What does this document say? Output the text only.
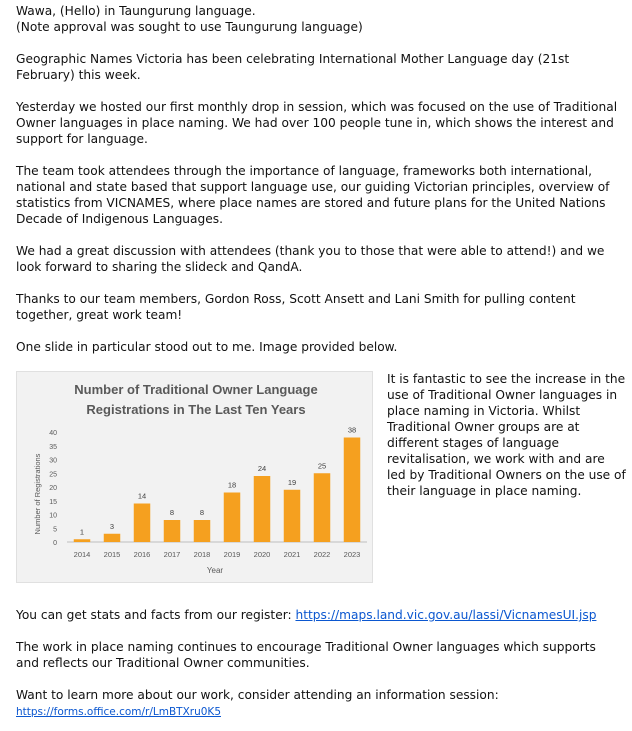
Wawa, (Hello) in Taungurung language.

(Note approval was sought to use Taungurung language)

Geographic Names Victoria has been celebrating International Mother Language day (21st February) this week.

Yesterday we hosted our first monthly drop in session, which was focused on the use of Traditional Owner languages in place naming. We had over 100 people tune in, which shows the interest and support for language.

The team took attendees through the importance of language, frameworks both international, national and state based that support language use, our guiding Victorian principles, overview of statistics from VICNAMES, where place names are stored and future plans for the United Nations Decade of Indigenous Languages.

We had a great discussion with attendees (thank you to those that were able to attend!) and we look forward to sharing the slideck and QandA.

Thanks to our team members, Gordon Ross, Scott Ansett and Lani Smith for pulling content together, great work team!

One slide in particular stood out to me. Image provided below.

Number of Traditional Owner Language
Registrations in The Last Ten Years
Number of Registrations
Year
0
5
10
15
20
25
30
35
40
1
2014
3
2015
14
2016
8
2017
8
2018
18
2019
24
2020
19
2021
25
2022
38
2023
It is fantastic to see the increase in the use of Traditional Owner languages in place naming in Victoria. Whilst Traditional Owner groups are at different stages of language revitalisation, we work with and are led by Traditional Owners on the use of their language in place naming.

You can get stats and facts from our register: https://maps.land.vic.gov.au/lassi/VicnamesUI.jsp

The work in place naming continues to encourage Traditional Owner languages which supports and reflects our Traditional Owner communities.

Want to learn more about our work, consider attending an information session:

https://forms.office.com/r/LmBTXru0K5
